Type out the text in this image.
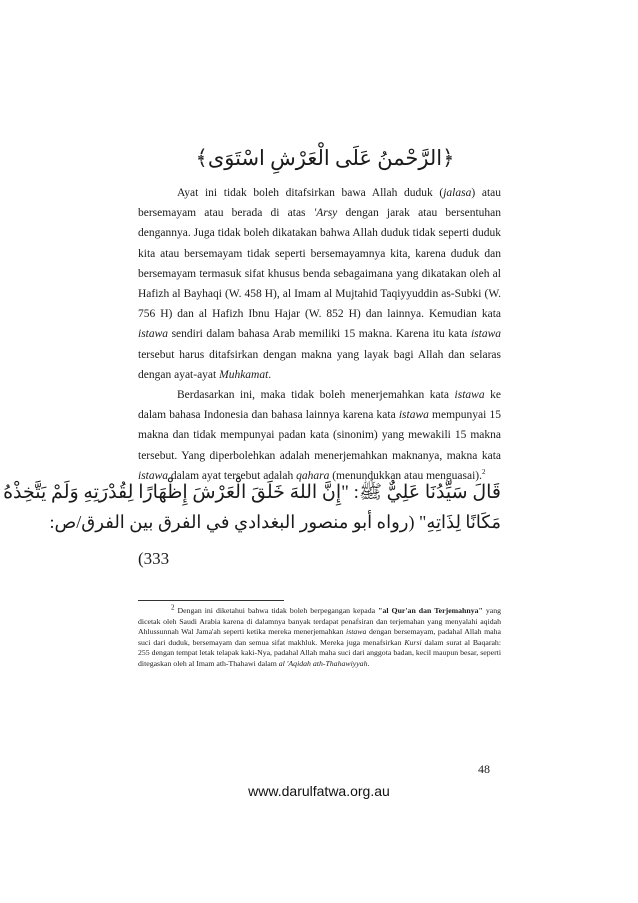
﴿الرَّحْمنُ عَلَى الْعَرْشِ اسْتَوَى﴾

Ayat ini tidak boleh ditafsirkan bawa Allah duduk (jalasa) atau bersemayam atau berada di atas 'Arsy dengan jarak atau bersentuhan dengannya. Juga tidak boleh dikatakan bahwa Allah duduk tidak seperti duduk kita atau bersemayam tidak seperti bersemayamnya kita, karena duduk dan bersemayam termasuk sifat khusus benda sebagaimana yang dikatakan oleh al Hafizh al Bayhaqi (W. 458 H), al Imam al Mujtahid Taqiyyuddin as-Subki (W. 756 H) dan al Hafizh Ibnu Hajar (W. 852 H) dan lainnya. Kemudian kata istawa sendiri dalam bahasa Arab memiliki 15 makna. Karena itu kata istawa tersebut harus ditafsirkan dengan makna yang layak bagi Allah dan selaras dengan ayat-ayat Muhkamat.

Berdasarkan ini, maka tidak boleh menerjemahkan kata istawa ke dalam bahasa Indonesia dan bahasa lainnya karena kata istawa mempunyai 15 makna dan tidak mempunyai padan kata (sinonim) yang mewakili 15 makna tersebut. Yang diperbolehkan adalah menerjemahkan maknanya, makna kata istawa dalam ayat tersebut adalah qahara (menundukkan atau menguasai).$^2$

قَالَ سَيِّدُنَا عَلِيٌّ ﷺ: "إِنَّ اللهَ خَلَقَ الْعَرْشَ إِظْهَارًا لِقُدْرَتِهِ وَلَمْ يَتَّخِذْهُ
مَكَانًا لِذَاتِهِ" (رواه أبو منصور البغدادي في الفرق بين الفرق/ص:
(333

$^2$ Dengan ini diketahui bahwa tidak boleh berpegangan kepada "al Qur'an dan Terjemahnya" yang dicetak oleh Saudi Arabia karena di dalamnya banyak terdapat penafsiran dan terjemahan yang menyalahi aqidah Ahlussunnah Wal Jama'ah seperti ketika mereka menerjemahkan istawa dengan bersemayam, padahal Allah maha suci dari duduk, bersemayam dan semua sifat makhluk. Mereka juga menafsirkan Kursi dalam surat al Baqarah: 255 dengan tempat letak telapak kaki-Nya, padahal Allah maha suci dari anggota badan, kecil maupun besar, seperti ditegaskan oleh al Imam ath-Thahawi dalam al 'Aqidah ath-Thahawiyyah.

48
www.darulfatwa.org.au
